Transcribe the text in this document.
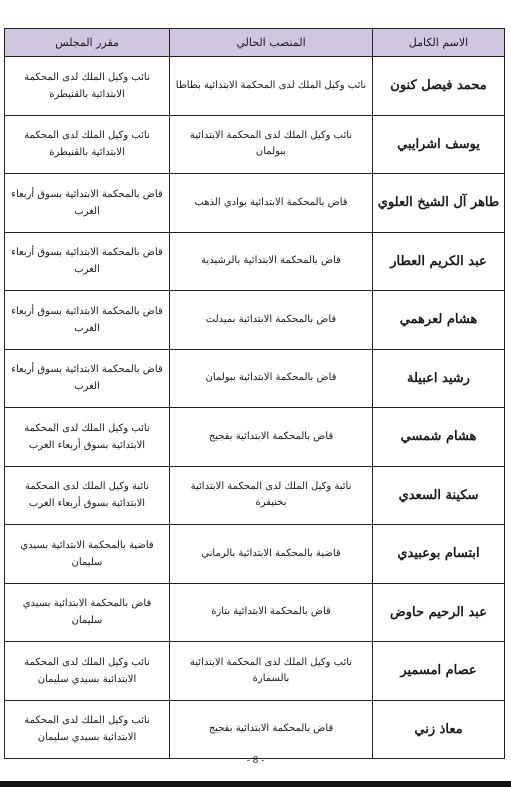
الاسم الكامل	المنصب الحالي	مقرر المجلس
محمد فيصل كنون	نائب وكيل الملك لدى المحكمة الابتدائية بطاطا	نائب وكيل الملك لدى المحكمة الابتدائية بالقنيطرة
يوسف اشرايبي	نائب وكيل الملك لدى المحكمة الابتدائية ببولمان	نائب وكيل الملك لدى المحكمة الابتدائية بالقنيطرة
طاهر آل الشيخ العلوي	قاض بالمحكمة الابتدائية بوادي الذهب	قاض بالمحكمة الابتدائية بسوق أربعاء الغرب
عبد الكريم العطار	قاض بالمحكمة الابتدائية بالرشيدية	قاض بالمحكمة الابتدائية بسوق أربعاء الغرب
هشام لعرهمي	قاض بالمحكمة الابتدائية بميدلت	قاض بالمحكمة الابتدائية بسوق أربعاء الغرب
رشيد اعبيلة	قاض بالمحكمة الابتدائية ببولمان	قاض بالمحكمة الابتدائية بسوق أربعاء الغرب
هشام شمسي	قاض بالمحكمة الابتدائية بفجيج	نائب وكيل الملك لدى المحكمة الابتدائية بسوق أربعاء الغرب
سكينة السعدي	نائبة وكيل الملك لدى المحكمة الابتدائية بخنيفرة	نائبة وكيل الملك لدى المحكمة الابتدائية بسوق أربعاء الغرب
ابتسام بوعبيدي	قاضية بالمحكمة الابتدائية بالرماني	قاضية بالمحكمة الابتدائية بسيدي سليمان
عبد الرحيم حاوض	قاض بالمحكمة الابتدائية بتازة	قاض بالمحكمة الابتدائية بسيدي سليمان
عصام امسمير	نائب وكيل الملك لدى المحكمة الابتدائية بالسمارة	نائب وكيل الملك لدى المحكمة الابتدائية بسيدي سليمان
معاذ زني	قاض بالمحكمة الابتدائية بفجيج	نائب وكيل الملك لدى المحكمة الابتدائية بسيدي سليمان
- 8 -
